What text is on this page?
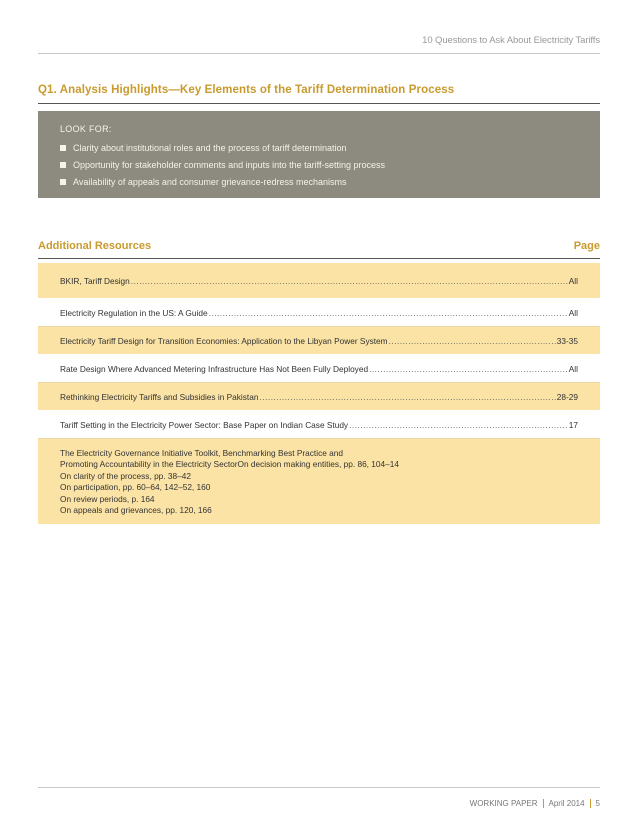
10 Questions to Ask About Electricity Tariffs
Q1. Analysis Highlights—Key Elements of the Tariff Determination Process
LOOK FOR:
Clarity about institutional roles and the process of tariff determination
Opportunity for stakeholder comments and inputs into the tariff-setting process
Availability of appeals and consumer grievance-redress mechanisms
Additional Resources	Page
BKIR, Tariff Design .....	All
Electricity Regulation in the US: A Guide .....	All
Electricity Tariff Design for Transition Economies: Application to the Libyan Power System .....	33-35
Rate Design Where Advanced Metering Infrastructure Has Not Been Fully Deployed .....	All
Rethinking Electricity Tariffs and Subsidies in Pakistan .....	28-29
Tariff Setting in the Electricity Power Sector: Base Paper on Indian Case Study .....	17
The Electricity Governance Initiative Toolkit, Benchmarking Best Practice and
Promoting Accountability in the Electricity Sector On decision making entities, pp. 86, 104–14
On clarity of the process, pp. 38–42
On participation, pp. 60–64, 142–52, 160
On review periods, p. 164
On appeals and grievances, pp. 120, 166
WORKING PAPER April 2014 5
